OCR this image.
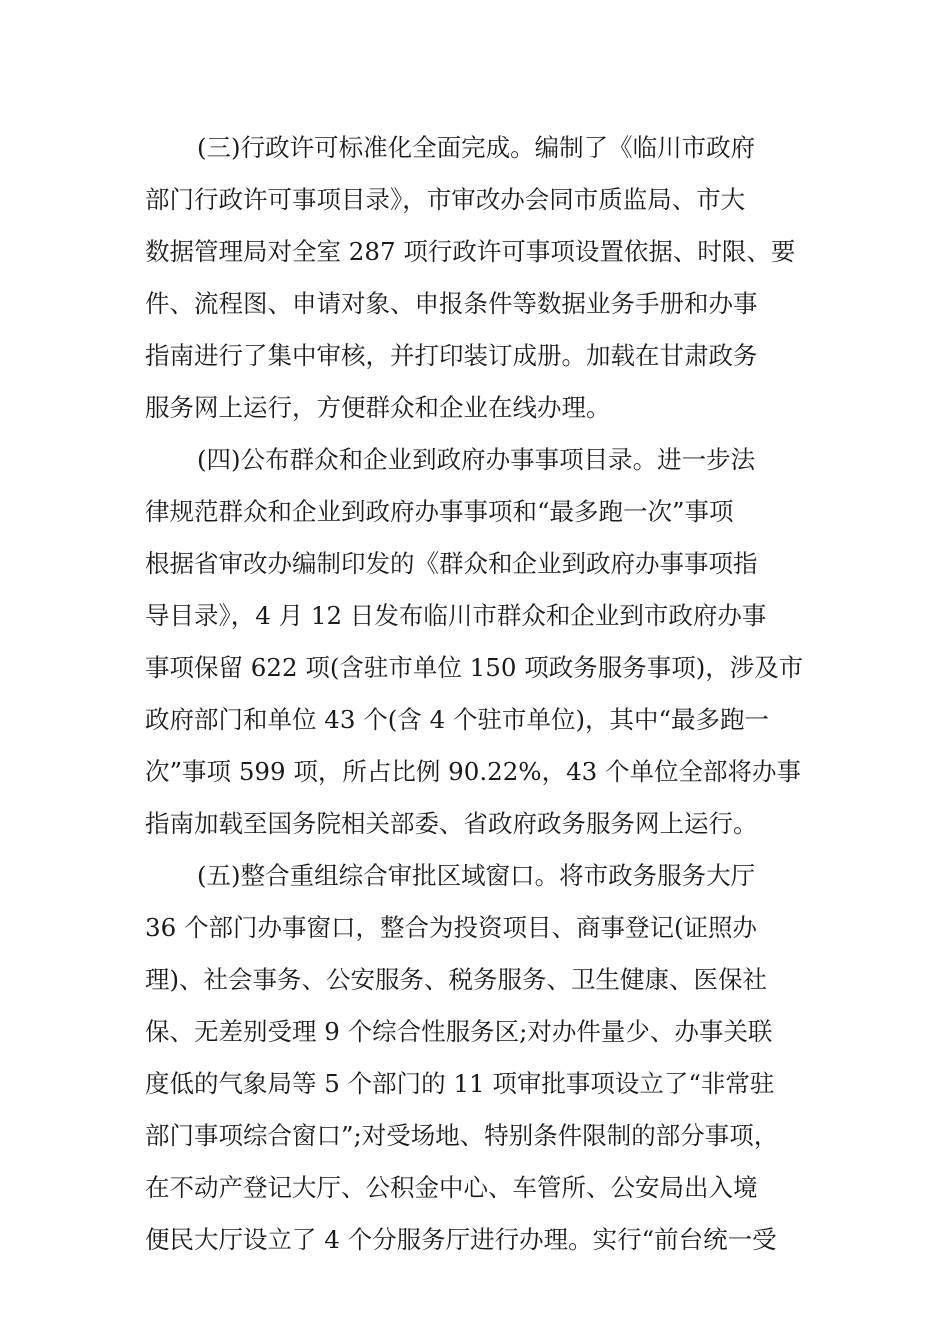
(三)行政许可标准化全面完成。编制了《临川市政府
部门行政许可事项目录》，市审改办会同市质监局、市大
数据管理局对全室 287 项行政许可事项设置依据、时限、要
件、流程图、申请对象、申报条件等数据业务手册和办事
指南进行了集中审核，并打印装订成册。加载在甘肃政务
服务网上运行，方便群众和企业在线办理。
(四)公布群众和企业到政府办事事项目录。进一步法
律规范群众和企业到政府办事事项和“最多跑一次”事项
根据省审改办编制印发的《群众和企业到政府办事事项指
导目录》，4 月 12 日发布临川市群众和企业到市政府办事
事项保留 622 项(含驻市单位 150 项政务服务事项)，涉及市
政府部门和单位 43 个(含 4 个驻市单位)，其中“最多跑一
次”事项 599 项，所占比例 90.22%，43 个单位全部将办事
指南加载至国务院相关部委、省政府政务服务网上运行。
(五)整合重组综合审批区域窗口。将市政务服务大厅
36 个部门办事窗口，整合为投资项目、商事登记(证照办
理)、社会事务、公安服务、税务服务、卫生健康、医保社
保、无差别受理 9 个综合性服务区;对办件量少、办事关联
度低的气象局等 5 个部门的 11 项审批事项设立了“非常驻
部门事项综合窗口”;对受场地、特别条件限制的部分事项，
在不动产登记大厅、公积金中心、车管所、公安局出入境
便民大厅设立了 4 个分服务厅进行办理。实行“前台统一受
